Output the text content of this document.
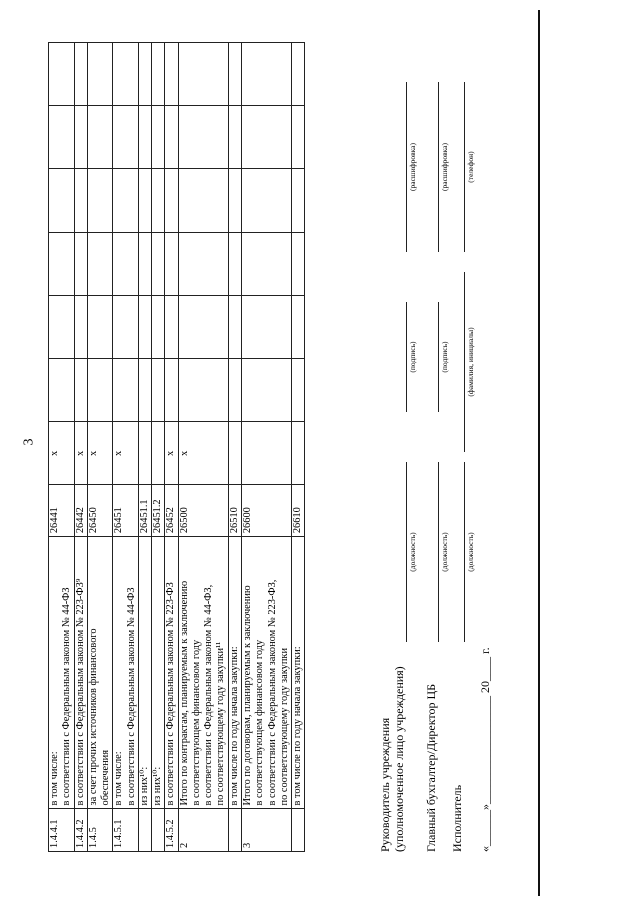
3
1.4.4.1	в том числе: в соответствии с Федеральным законом № 44-ФЗ	26441	x						
1.4.4.2	в соответствии с Федеральным законом № 223-ФЗ⁹	26442	x						
1.4.5	за счет прочих источников финансового обеспечения	26450	x						
1.4.5.1	в том числе: в соответствии с Федеральным законом № 44-ФЗ	26451	x						

	из них¹⁰:	26451.1							

	из них¹⁰:	26451.2							
1.4.5.2	в соответствии с Федеральным законом № 223-ФЗ	26452	x						
2	Итого по контрактам, планируемым к заключению в соответствующем финансовом году в соответствии с Федеральным законом № 44-ФЗ, по соответствующему году закупки¹¹	26500	x						

	в том числе по году начала закупки:	26510							
3	Итого по договорам, планируемым к заключению в соответствующем финансовом году в соответствии с Федеральным законом № 223-ФЗ, по соответствующему году закупки	26600							

	в том числе по году начала закупки:	26610							
Руководитель учреждения (уполномоченное лицо учреждения)
(должность)
(подпись)
(расшифровка)
Главный бухгалтер/Директор ЦБ
(должность)
(подпись)
(расшифровка)
Исполнитель
(должность)
(фамилия, инициалы)
(телефон)
«______»__________________ 20____ г.
